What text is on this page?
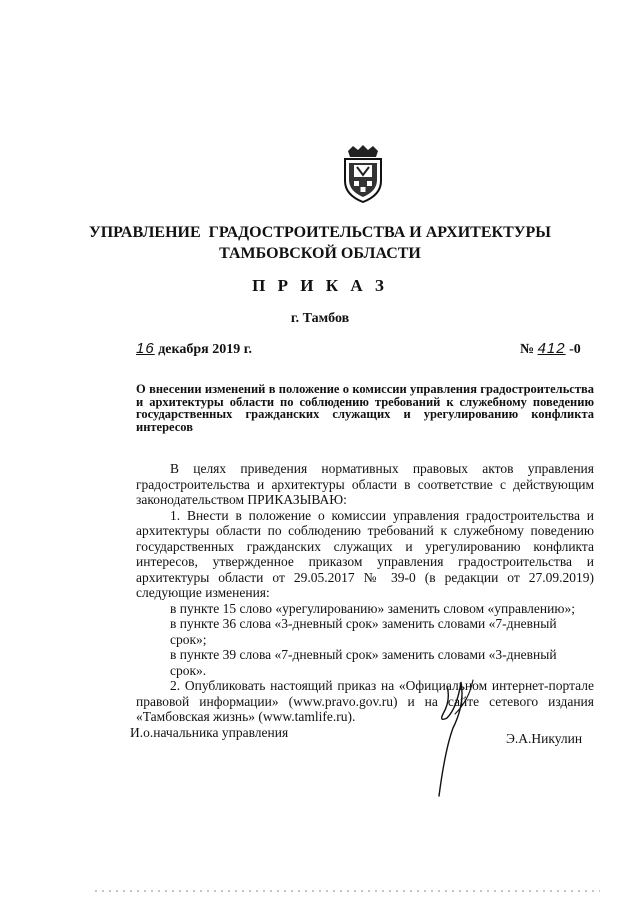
УПРАВЛЕНИЕ  ГРАДОСТРОИТЕЛЬСТВА И АРХИТЕКТУРЫ
ТАМБОВСКОЙ ОБЛАСТИ
П Р И К А З
г. Тамбов
16 декабря 2019 г.	№ 412 -0
О внесении изменений в положение о комиссии управления градостроительства и архитектуры области по соблюдению требований к служебному поведению государственных гражданских служащих и урегулированию конфликта интересов

В целях приведения нормативных правовых актов управления градостроительства и архитектуры области в соответствие с действующим законодательством ПРИКАЗЫВАЮ:

1. Внести в положение о комиссии управления градостроительства и архитектуры области по соблюдению требований к служебному поведению государственных гражданских служащих и урегулированию конфликта интересов, утвержденное приказом управления градостроительства и архитектуры области от 29.05.2017 № 39-0 (в редакции от 27.09.2019) следующие изменения:

в пункте 15 слово «урегулированию» заменить словом «управлению»;

в пункте 36 слова «3-дневный срок» заменить словами «7-дневный срок»;

в пункте 39 слова «7-дневный срок» заменить словами «3-дневный срок».

2. Опубликовать настоящий приказ на «Официальном интернет-портале правовой информации» (www.pravo.gov.ru) и на сайте сетевого издания «Тамбовская жизнь» (www.tamlife.ru).

И.о.начальника управления	Э.А.Никулин
